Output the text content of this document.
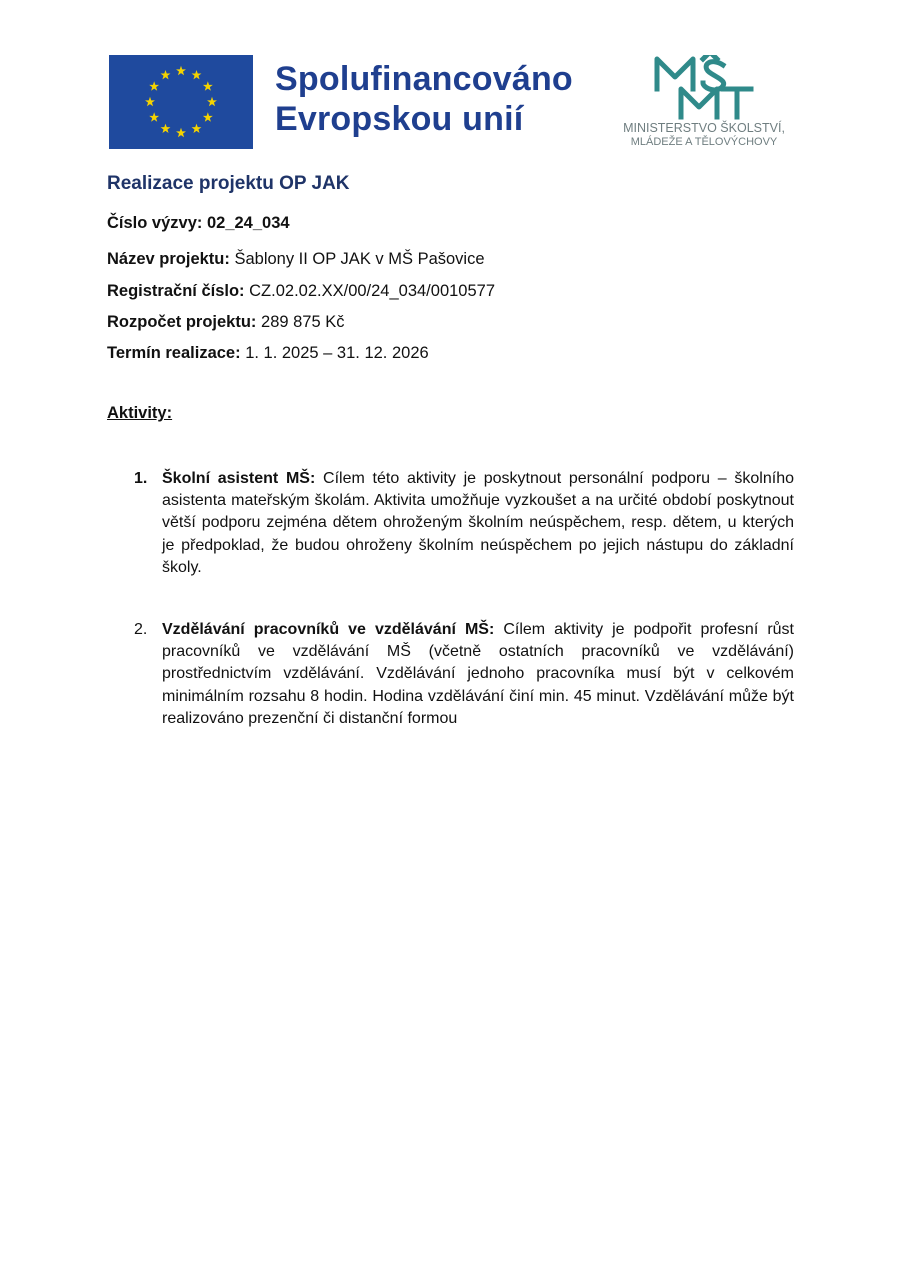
Spolufinancováno
Evropskou unií	MINISTERSTVO ŠKOLSTVÍ,
MLÁDEŽE A TĚLOVÝCHOVY
Realizace projektu OP JAK

Číslo výzvy: 02_24_034

Název projektu: Šablony II OP JAK v MŠ Pašovice

Registrační číslo: CZ.02.02.XX/00/24_034/0010577

Rozpočet projektu: 289 875 Kč

Termín realizace: 1. 1. 2025 – 31. 12. 2026

Aktivity:

1. Školní asistent MŠ: Cílem této aktivity je poskytnout personální podporu – školního asistenta mateřským školám. Aktivita umožňuje vyzkoušet a na určité období poskytnout větší podporu zejména dětem ohroženým školním neúspěchem, resp. dětem, u kterých je předpoklad, že budou ohroženy školním neúspěchem po jejich nástupu do základní školy.
2. Vzdělávání pracovníků ve vzdělávání MŠ: Cílem aktivity je podpořit profesní růst pracovníků ve vzdělávání MŠ (včetně ostatních pracovníků ve vzdělávání) prostřednictvím vzdělávání. Vzdělávání jednoho pracovníka musí být v celkovém minimálním rozsahu 8 hodin. Hodina vzdělávání činí min. 45 minut. Vzdělávání může být realizováno prezenční či distanční formou
